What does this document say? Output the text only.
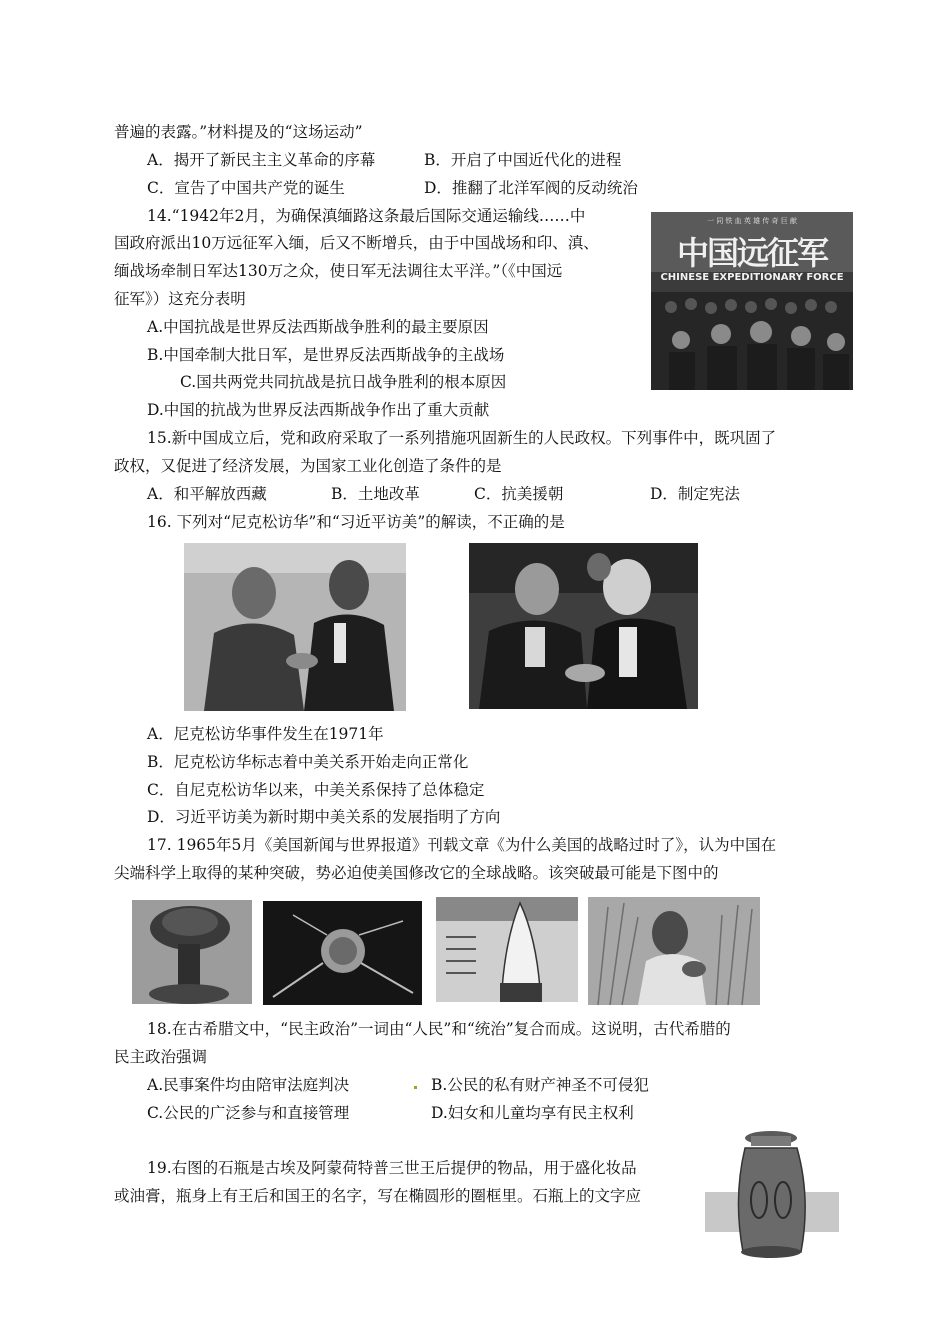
普遍的表露。”材料提及的“这场运动”
A．揭开了新民主主义革命的序幕	B．开启了中国近代化的进程
C．宣告了中国共产党的诞生	D．推翻了北洋军阀的反动统治
14.“1942年2月，为确保滇缅路这条最后国际交通运输线……中
国政府派出10万远征军入缅，后又不断增兵，由于中国战场和印、滇、
缅战场牵制日军达130万之众，使日军无法调往太平洋。”（《中国远
征军》）这充分表明
A.中国抗战是世界反法西斯战争胜利的最主要原因
B.中国牵制大批日军，是世界反法西斯战争的主战场
C.国共两党共同抗战是抗日战争胜利的根本原因
D.中国的抗战为世界反法西斯战争作出了重大贡献
一 同 铁 血 英 雄 传 奇 巨 献
中国远征军
CHINESE EXPEDITIONARY FORCE
15.新中国成立后，党和政府采取了一系列措施巩固新生的人民政权。下列事件中，既巩固了
政权，又促进了经济发展，为国家工业化创造了条件的是
A．和平解放西藏	B．土地改革	C．抗美援朝	D．制定宪法
16. 下列对“尼克松访华”和“习近平访美”的解读，不正确的是
A．尼克松访华事件发生在1971年
B．尼克松访华标志着中美关系开始走向正常化
C．自尼克松访华以来，中美关系保持了总体稳定
D．习近平访美为新时期中美关系的发展指明了方向
17. 1965年5月《美国新闻与世界报道》刊载文章《为什么美国的战略过时了》，认为中国在
尖端科学上取得的某种突破，势必迫使美国修改它的全球战略。该突破最可能是下图中的
18.在古希腊文中，“民主政治”一词由“人民”和“统治”复合而成。这说明，古代希腊的
民主政治强调
A.民事案件均由陪审法庭判决	B.公民的私有财产神圣不可侵犯
C.公民的广泛参与和直接管理	D.妇女和儿童均享有民主权利
19.右图的石瓶是古埃及阿蒙荷特普三世王后提伊的物品，用于盛化妆品
或油膏，瓶身上有王后和国王的名字，写在椭圆形的圈框里。石瓶上的文字应
